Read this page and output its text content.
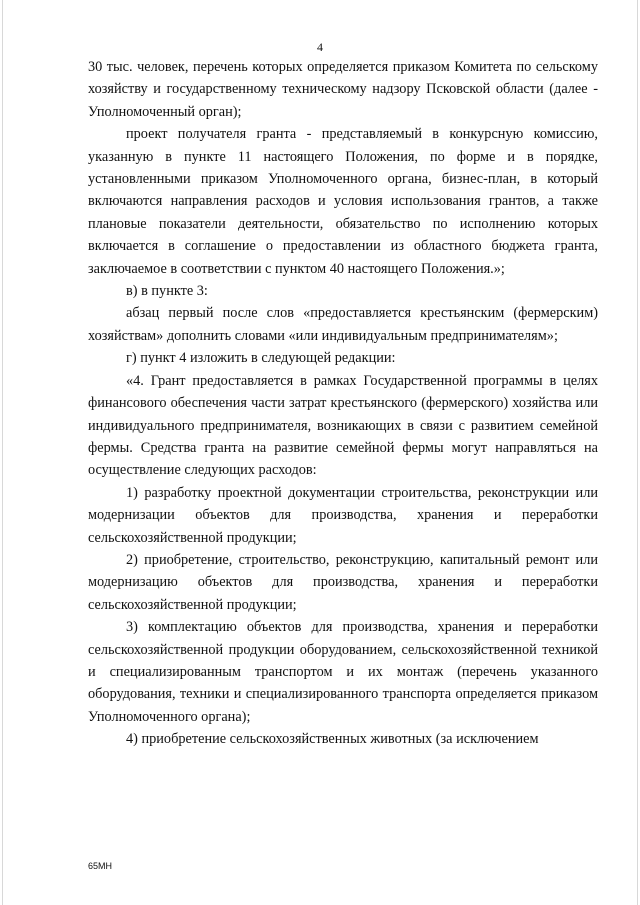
4

30 тыс. человек, перечень которых определяется приказом Комитета по сельскому хозяйству и государственному техническому надзору Псковской области (далее - Уполномоченный орган);

проект получателя гранта - представляемый в конкурсную комиссию, указанную в пункте 11 настоящего Положения, по форме и в порядке, установленными приказом Уполномоченного органа, бизнес-план, в который включаются направления расходов и условия использования грантов, а также плановые показатели деятельности, обязательство по исполнению которых включается в соглашение о предоставлении из областного бюджета гранта, заключаемое в соответствии с пунктом 40 настоящего Положения.»;

в) в пункте 3:

абзац первый после слов «предоставляется крестьянским (фермерским) хозяйствам» дополнить словами «или индивидуальным предпринимателям»;

г) пункт 4 изложить в следующей редакции:

«4. Грант предоставляется в рамках Государственной программы в целях финансового обеспечения части затрат крестьянского (фермерского) хозяйства или индивидуального предпринимателя, возникающих в связи с развитием семейной фермы. Средства гранта на развитие семейной фермы могут направляться на осуществление следующих расходов:

1) разработку проектной документации строительства, реконструкции или модернизации объектов для производства, хранения и переработки сельскохозяйственной продукции;

2) приобретение, строительство, реконструкцию, капитальный ремонт или модернизацию объектов для производства, хранения и переработки сельскохозяйственной продукции;

3) комплектацию объектов для производства, хранения и переработки сельскохозяйственной продукции оборудованием, сельскохозяйственной техникой и специализированным транспортом и их монтаж (перечень указанного оборудования, техники и специализированного транспорта определяется приказом Уполномоченного органа);

4) приобретение сельскохозяйственных животных (за исключением

65МН
